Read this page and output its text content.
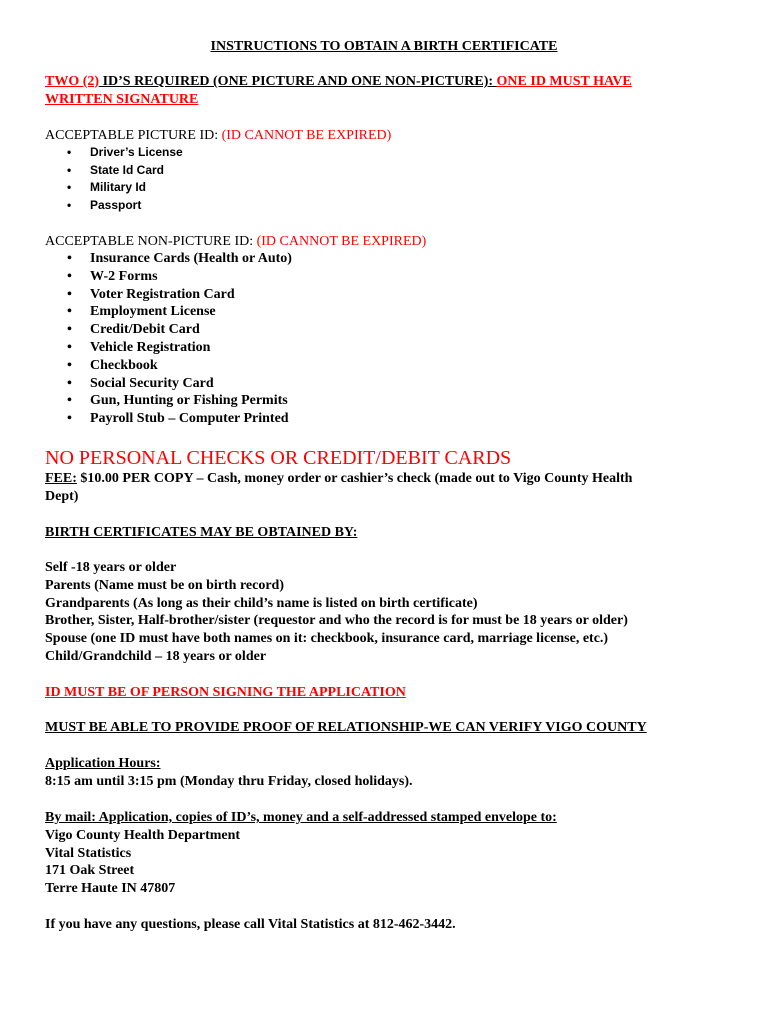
INSTRUCTIONS TO OBTAIN A BIRTH CERTIFICATE
TWO (2) ID’S REQUIRED (ONE PICTURE AND ONE NON-PICTURE): ONE ID MUST HAVE
WRITTEN SIGNATURE
ACCEPTABLE PICTURE ID: (ID CANNOT BE EXPIRED)
• Driver’s License
• State Id Card
• Military Id
• Passport
ACCEPTABLE NON-PICTURE ID: (ID CANNOT BE EXPIRED)
• Insurance Cards (Health or Auto)
• W-2 Forms
• Voter Registration Card
• Employment License
• Credit/Debit Card
• Vehicle Registration
• Checkbook
• Social Security Card
• Gun, Hunting or Fishing Permits
• Payroll Stub – Computer Printed
NO PERSONAL CHECKS OR CREDIT/DEBIT CARDS
FEE: $10.00 PER COPY – Cash, money order or cashier’s check (made out to Vigo County Health
Dept)
BIRTH CERTIFICATES MAY BE OBTAINED BY:
Self -18 years or older
Parents (Name must be on birth record)
Grandparents (As long as their child’s name is listed on birth certificate)
Brother, Sister, Half-brother/sister (requestor and who the record is for must be 18 years or older)
Spouse (one ID must have both names on it: checkbook, insurance card, marriage license, etc.)
Child/Grandchild – 18 years or older
ID MUST BE OF PERSON SIGNING THE APPLICATION
MUST BE ABLE TO PROVIDE PROOF OF RELATIONSHIP-WE CAN VERIFY VIGO COUNTY
Application Hours:
8:15 am until 3:15 pm (Monday thru Friday, closed holidays).
By mail: Application, copies of ID’s, money and a self-addressed stamped envelope to:
Vigo County Health Department
Vital Statistics
171 Oak Street
Terre Haute IN 47807
If you have any questions, please call Vital Statistics at 812-462-3442.
